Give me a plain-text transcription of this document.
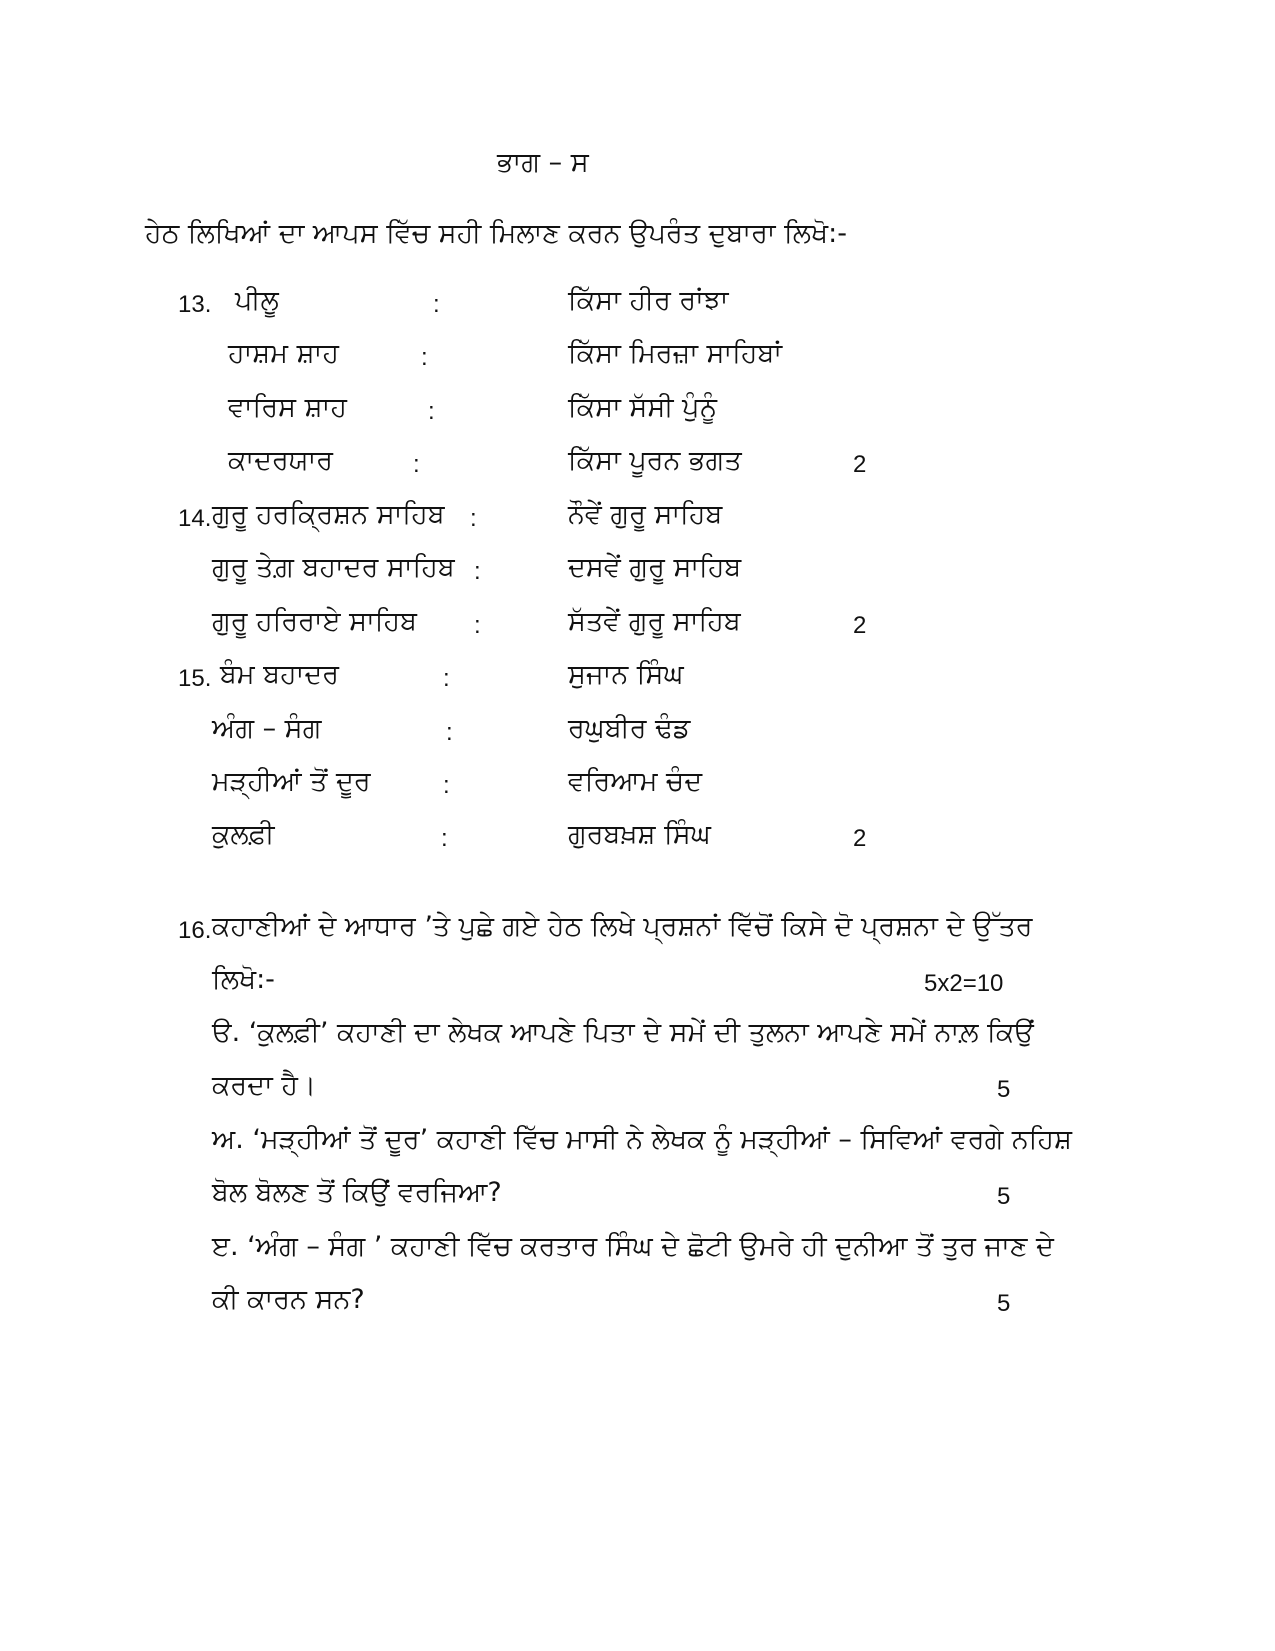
ਭਾਗ – ਸ
ਹੇਠ ਲਿਖਿਆਂ ਦਾ ਆਪਸ ਵਿੱਚ ਸਹੀ ਮਿਲਾਣ ਕਰਨ ਉਪਰੰਤ ਦੁਬਾਰਾ ਲਿਖੋ:-
13. ਪੀਲੂ	:	ਕਿੱਸਾ ਹੀਰ ਰਾਂਝਾ
ਹਾਸ਼ਮ ਸ਼ਾਹ	:	ਕਿੱਸਾ ਮਿਰਜ਼ਾ ਸਾਹਿਬਾਂ
ਵਾਰਿਸ ਸ਼ਾਹ	:	ਕਿੱਸਾ ਸੱਸੀ ਪੁੰਨੂੰ
ਕਾਦਰਯਾਰ	:	ਕਿੱਸਾ ਪੂਰਨ ਭਗਤ	2
14. ਗੁਰੂ ਹਰਕ੍ਰਿਸ਼ਨ ਸਾਹਿਬ :	ਨੌਵੇਂ ਗੁਰੂ ਸਾਹਿਬ
ਗੁਰੂ ਤੇਗ਼ ਬਹਾਦਰ ਸਾਹਿਬ :	ਦਸਵੇਂ ਗੁਰੂ ਸਾਹਿਬ
ਗੁਰੂ ਹਰਿਰਾਏ ਸਾਹਿਬ :	ਸੱਤਵੇਂ ਗੁਰੂ ਸਾਹਿਬ	2
15. ਬੰਮ ਬਹਾਦਰ	:	ਸੁਜਾਨ ਸਿੰਘ
ਅੰਗ – ਸੰਗ	:	ਰਘੁਬੀਰ ਢੰਡ
ਮੜ੍ਹੀਆਂ ਤੋਂ ਦੂਰ	:	ਵਰਿਆਮ ਚੰਦ
ਕੁਲਫ਼ੀ	:	ਗੁਰਬਖ਼ਸ਼ ਸਿੰਘ	2
16. ਕਹਾਣੀਆਂ ਦੇ ਆਧਾਰ ’ਤੇ ਪੁਛੇ ਗਏ ਹੇਠ ਲਿਖੇ ਪ੍ਰਸ਼ਨਾਂ ਵਿੱਚੋਂ ਕਿਸੇ ਦੋ ਪ੍ਰਸ਼ਨਾ ਦੇ ਉੱਤਰ
ਲਿਖੋ:-	5x2=10
ੳ. ‘ਕੁਲਫ਼ੀ’ ਕਹਾਣੀ ਦਾ ਲੇਖਕ ਆਪਣੇ ਪਿਤਾ ਦੇ ਸਮੇਂ ਦੀ ਤੁਲਨਾ ਆਪਣੇ ਸਮੇਂ ਨਾਲ਼ ਕਿਉਂ
ਕਰਦਾ ਹੈ।	5
ਅ. ‘ਮੜ੍ਹੀਆਂ ਤੋਂ ਦੂਰ’ ਕਹਾਣੀ ਵਿੱਚ ਮਾਸੀ ਨੇ ਲੇਖਕ ਨੂੰ ਮੜ੍ਹੀਆਂ – ਸਿਵਿਆਂ ਵਰਗੇ ਨਹਿਸ਼
ਬੋਲ ਬੋਲਣ ਤੋਂ ਕਿਉਂ ਵਰਜਿਆ?	5
ੲ. ‘ਅੰਗ – ਸੰਗ ’ ਕਹਾਣੀ ਵਿੱਚ ਕਰਤਾਰ ਸਿੰਘ ਦੇ ਛੋਟੀ ਉਮਰੇ ਹੀ ਦੁਨੀਆ ਤੋਂ ਤੁਰ ਜਾਣ ਦੇ
ਕੀ ਕਾਰਨ ਸਨ?	5
